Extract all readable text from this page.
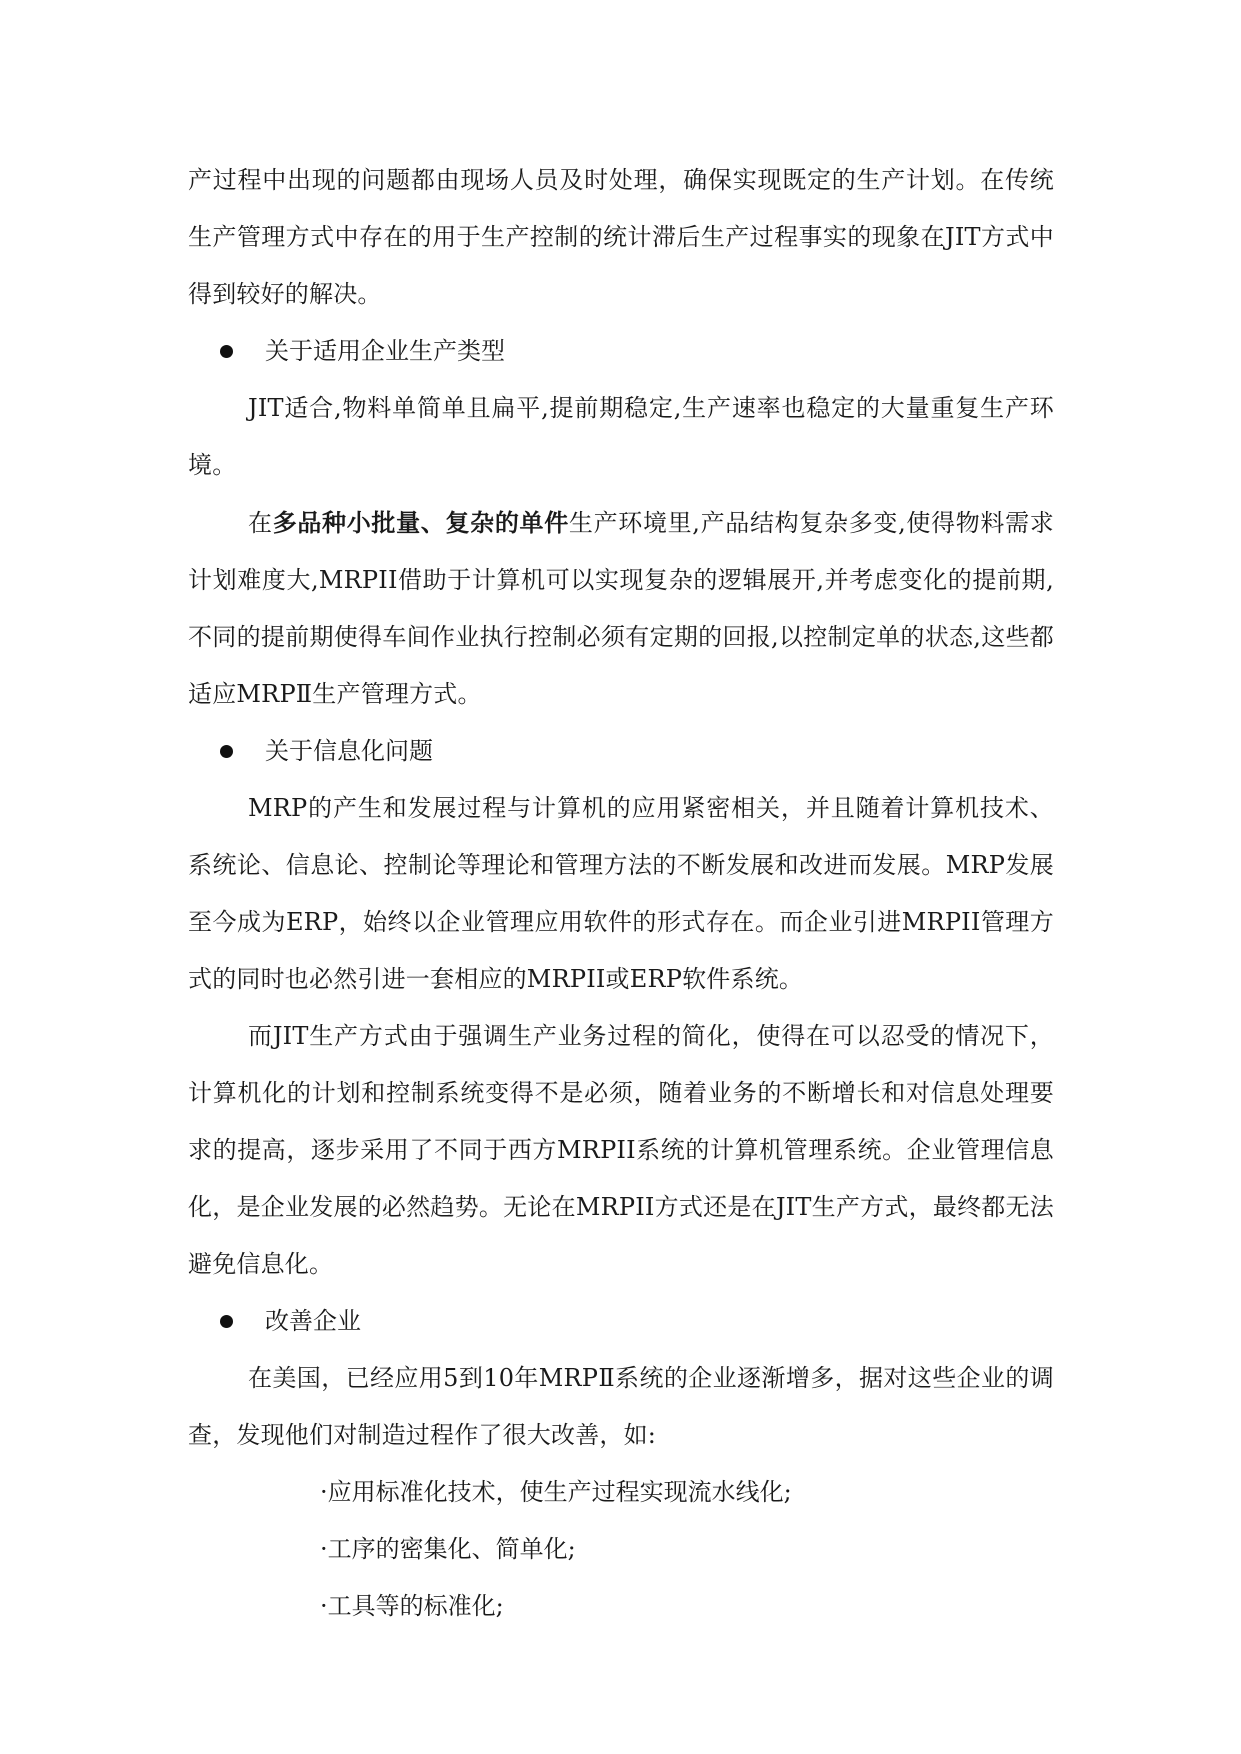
产过程中出现的问题都由现场人员及时处理，确保实现既定的生产计划。在传统生产管理方式中存在的用于生产控制的统计滞后生产过程事实的现象在JIT方式中得到较好的解决。

关于适用企业生产类型

JIT适合,物料单简单且扁平,提前期稳定,生产速率也稳定的大量重复生产环境。

在多品种小批量、复杂的单件生产环境里,产品结构复杂多变,使得物料需求计划难度大,MRPII借助于计算机可以实现复杂的逻辑展开,并考虑变化的提前期,不同的提前期使得车间作业执行控制必须有定期的回报,以控制定单的状态,这些都适应MRPⅡ生产管理方式。

关于信息化问题

MRP的产生和发展过程与计算机的应用紧密相关，并且随着计算机技术、系统论、信息论、控制论等理论和管理方法的不断发展和改进而发展。MRP发展至今成为ERP，始终以企业管理应用软件的形式存在。而企业引进MRPII管理方式的同时也必然引进一套相应的MRPII或ERP软件系统。

而JIT生产方式由于强调生产业务过程的简化，使得在可以忍受的情况下，计算机化的计划和控制系统变得不是必须，随着业务的不断增长和对信息处理要求的提高，逐步采用了不同于西方MRPII系统的计算机管理系统。企业管理信息化，是企业发展的必然趋势。无论在MRPII方式还是在JIT生产方式，最终都无法避免信息化。

改善企业

在美国，已经应用5到10年MRPⅡ系统的企业逐渐增多，据对这些企业的调查，发现他们对制造过程作了很大改善，如:

·应用标准化技术，使生产过程实现流水线化;

·工序的密集化、简单化;

·工具等的标准化;
